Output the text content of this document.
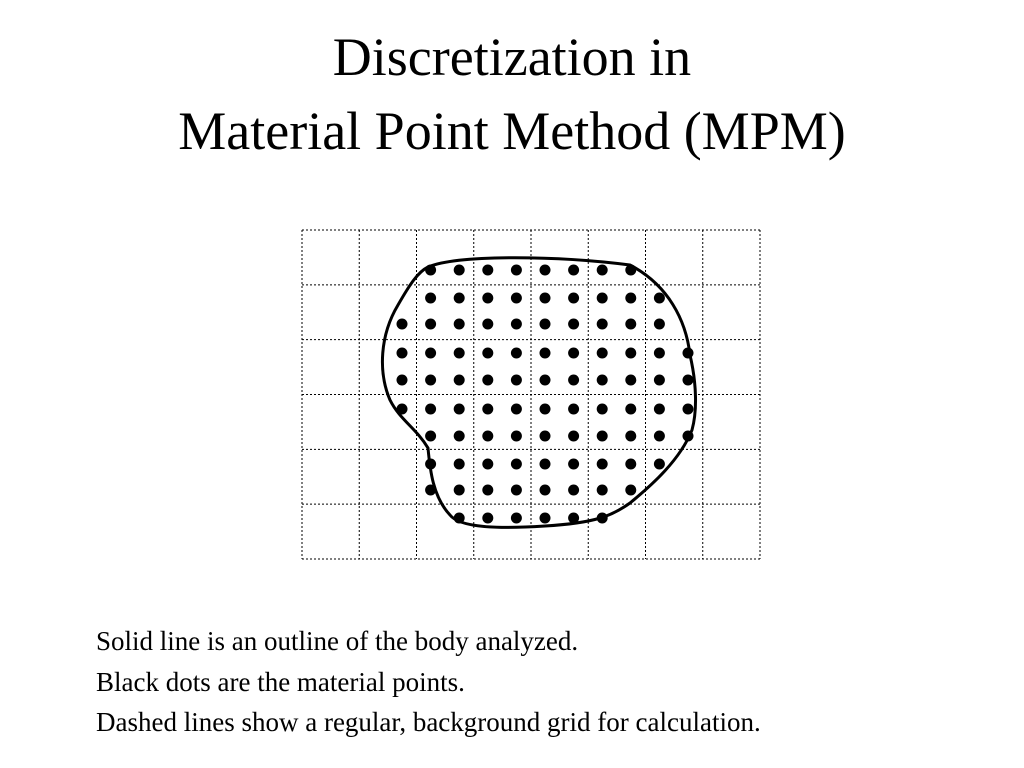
Discretization in
Material Point Method (MPM)

Solid line is an outline of the body analyzed.

Black dots are the material points.

Dashed lines show a regular, background grid for calculation.
